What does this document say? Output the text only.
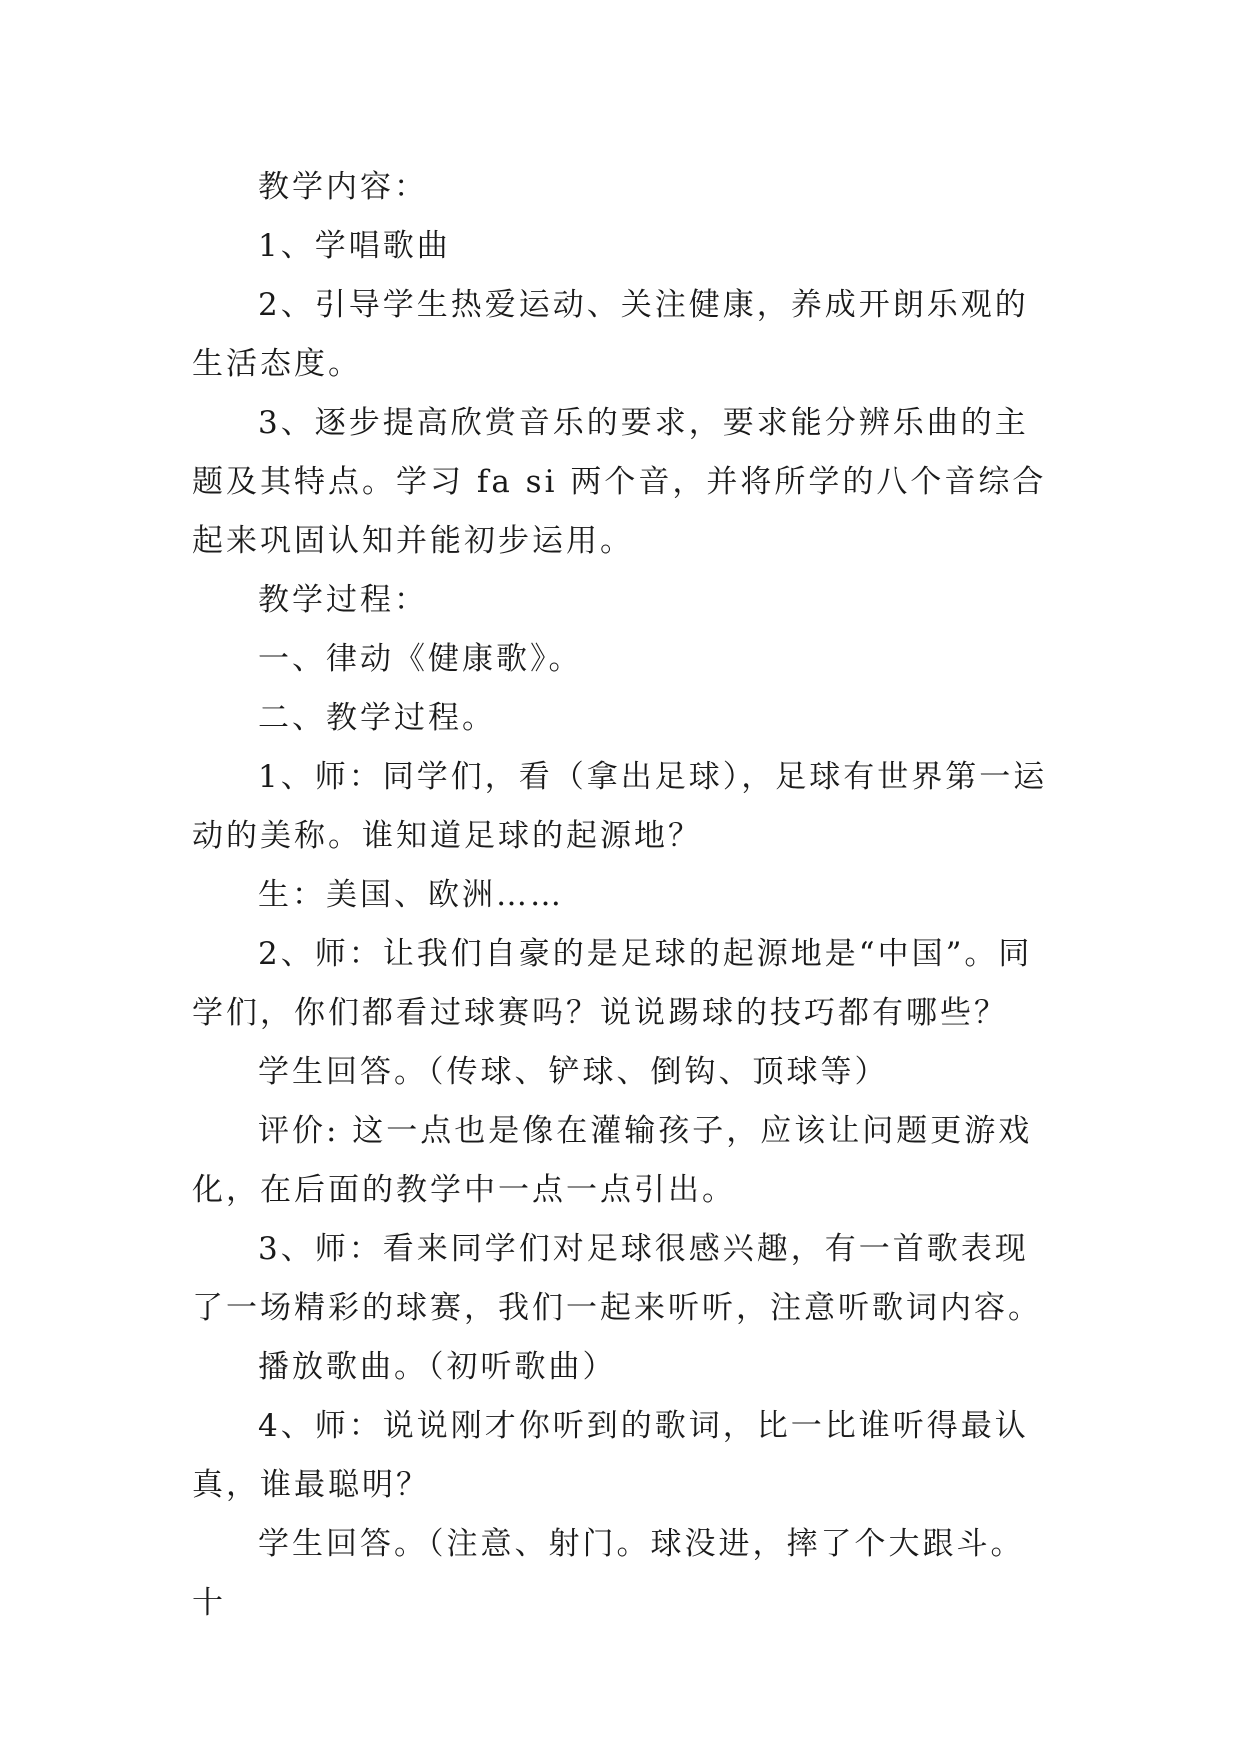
教学内容：

1、学唱歌曲

2、引导学生热爱运动、关注健康，养成开朗乐观的生活态度。

3、逐步提高欣赏音乐的要求，要求能分辨乐曲的主题及其特点。学习 fa si 两个音，并将所学的八个音综合起来巩固认知并能初步运用。

教学过程：

一、律动《健康歌》。

二、教学过程。

1、师：同学们，看（拿出足球），足球有世界第一运动的美称。谁知道足球的起源地？

生：美国、欧洲……

2、师：让我们自豪的是足球的起源地是“中国”。同学们，你们都看过球赛吗？说说踢球的技巧都有哪些？

学生回答。（传球、铲球、倒钩、顶球等）

评价: 这一点也是像在灌输孩子，应该让问题更游戏化，在后面的教学中一点一点引出。

3、师：看来同学们对足球很感兴趣，有一首歌表现了一场精彩的球赛，我们一起来听听，注意听歌词内容。

播放歌曲。（初听歌曲）

4、师：说说刚才你听到的歌词，比一比谁听得最认真，谁最聪明？

学生回答。（注意、射门。球没进，摔了个大跟斗。十
